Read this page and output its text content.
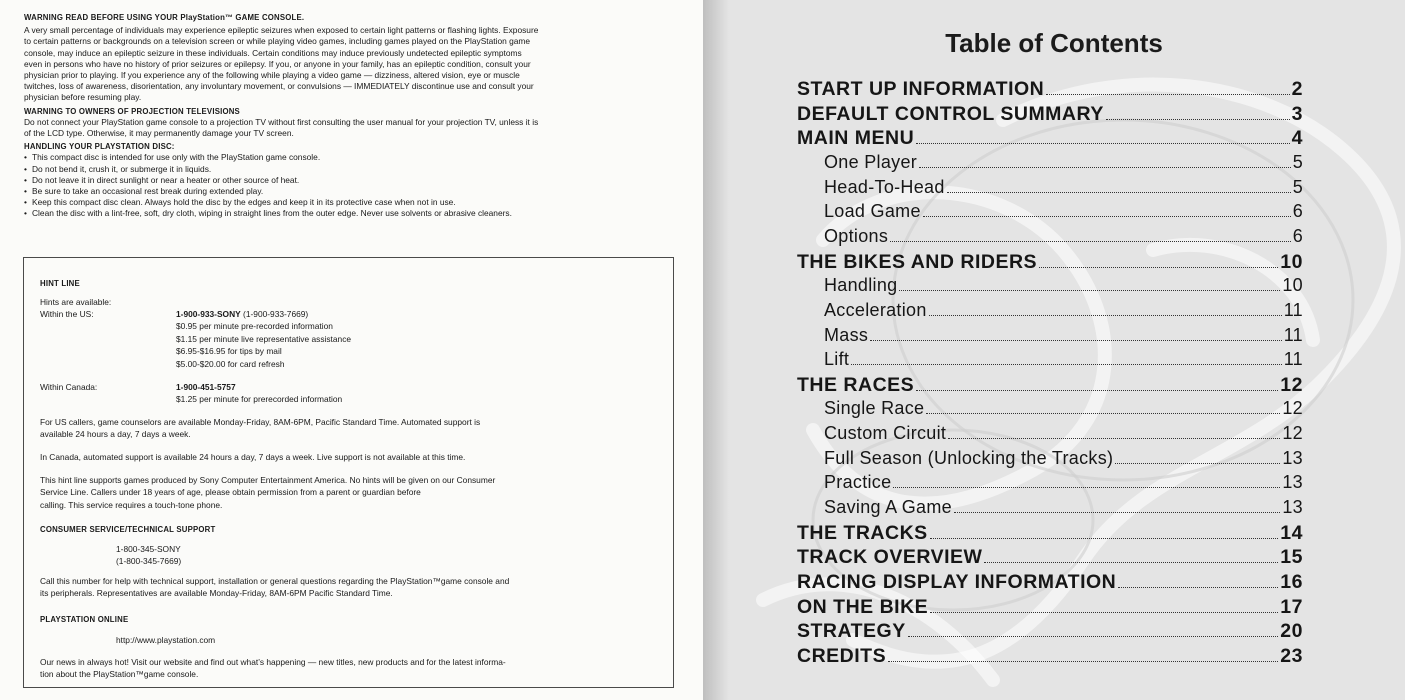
WARNING READ BEFORE USING YOUR PlayStation™ GAME CONSOLE.

A very small percentage of individuals may experience epileptic seizures when exposed to certain light patterns or flashing lights. Exposure
to certain patterns or backgrounds on a television screen or while playing video games, including games played on the PlayStation game
console, may induce an epileptic seizure in these individuals. Certain conditions may induce previously undetected epileptic symptoms
even in persons who have no history of prior seizures or epilepsy. If you, or anyone in your family, has an epileptic condition, consult your
physician prior to playing. If you experience any of the following while playing a video game — dizziness, altered vision, eye or muscle
twitches, loss of awareness, disorientation, any involuntary movement, or convulsions — IMMEDIATELY discontinue use and consult your
physician before resuming play.

WARNING TO OWNERS OF PROJECTION TELEVISIONS

Do not connect your PlayStation game console to a projection TV without first consulting the user manual for your projection TV, unless it is
of the LCD type. Otherwise, it may permanently damage your TV screen.

HANDLING YOUR PLAYSTATION DISC:
• This compact disc is intended for use only with the PlayStation game console.
• Do not bend it, crush it, or submerge it in liquids.
• Do not leave it in direct sunlight or near a heater or other source of heat.
• Be sure to take an occasional rest break during extended play.
• Keep this compact disc clean. Always hold the disc by the edges and keep it in its protective case when not in use.
• Clean the disc with a lint-free, soft, dry cloth, wiping in straight lines from the outer edge. Never use solvents or abrasive cleaners.
HINT LINE
Hints are available:
Within the US:	1-900-933-SONY (1-900-933-7669)
$0.95 per minute pre-recorded information
$1.15 per minute live representative assistance
$6.95-$16.95 for tips by mail
$5.00-$20.00 for card refresh
Within Canada:	1-900-451-5757
$1.25 per minute for prerecorded information
For US callers, game counselors are available Monday-Friday, 8AM-6PM, Pacific Standard Time. Automated support is
available 24 hours a day, 7 days a week.
In Canada, automated support is available 24 hours a day, 7 days a week. Live support is not available at this time.
This hint line supports games produced by Sony Computer Entertainment America. No hints will be given on our Consumer
Service Line. Callers under 18 years of age, please obtain permission from a parent or guardian before
calling. This service requires a touch-tone phone.
CONSUMER SERVICE/TECHNICAL SUPPORT
1-800-345-SONY
(1-800-345-7669)
Call this number for help with technical support, installation or general questions regarding the PlayStation™game console and
its peripherals. Representatives are available Monday-Friday, 8AM-6PM Pacific Standard Time.
PLAYSTATION ONLINE
http://www.playstation.com
Our news in always hot! Visit our website and find out what’s happening — new titles, new products and for the latest informa-
tion about the PlayStation™game console.
Table of Contents
START UP INFORMATION	2
DEFAULT CONTROL SUMMARY	3
MAIN MENU	4
One Player	5
Head-To-Head	5
Load Game	6
Options	6
THE BIKES AND RIDERS	10
Handling	10
Acceleration	11
Mass	11
Lift	11
THE RACES	12
Single Race	12
Custom Circuit	12
Full Season (Unlocking the Tracks)	13
Practice	13
Saving A Game	13
THE TRACKS	14
TRACK OVERVIEW	15
RACING DISPLAY INFORMATION	16
ON THE BIKE	17
STRATEGY	20
CREDITS	23
